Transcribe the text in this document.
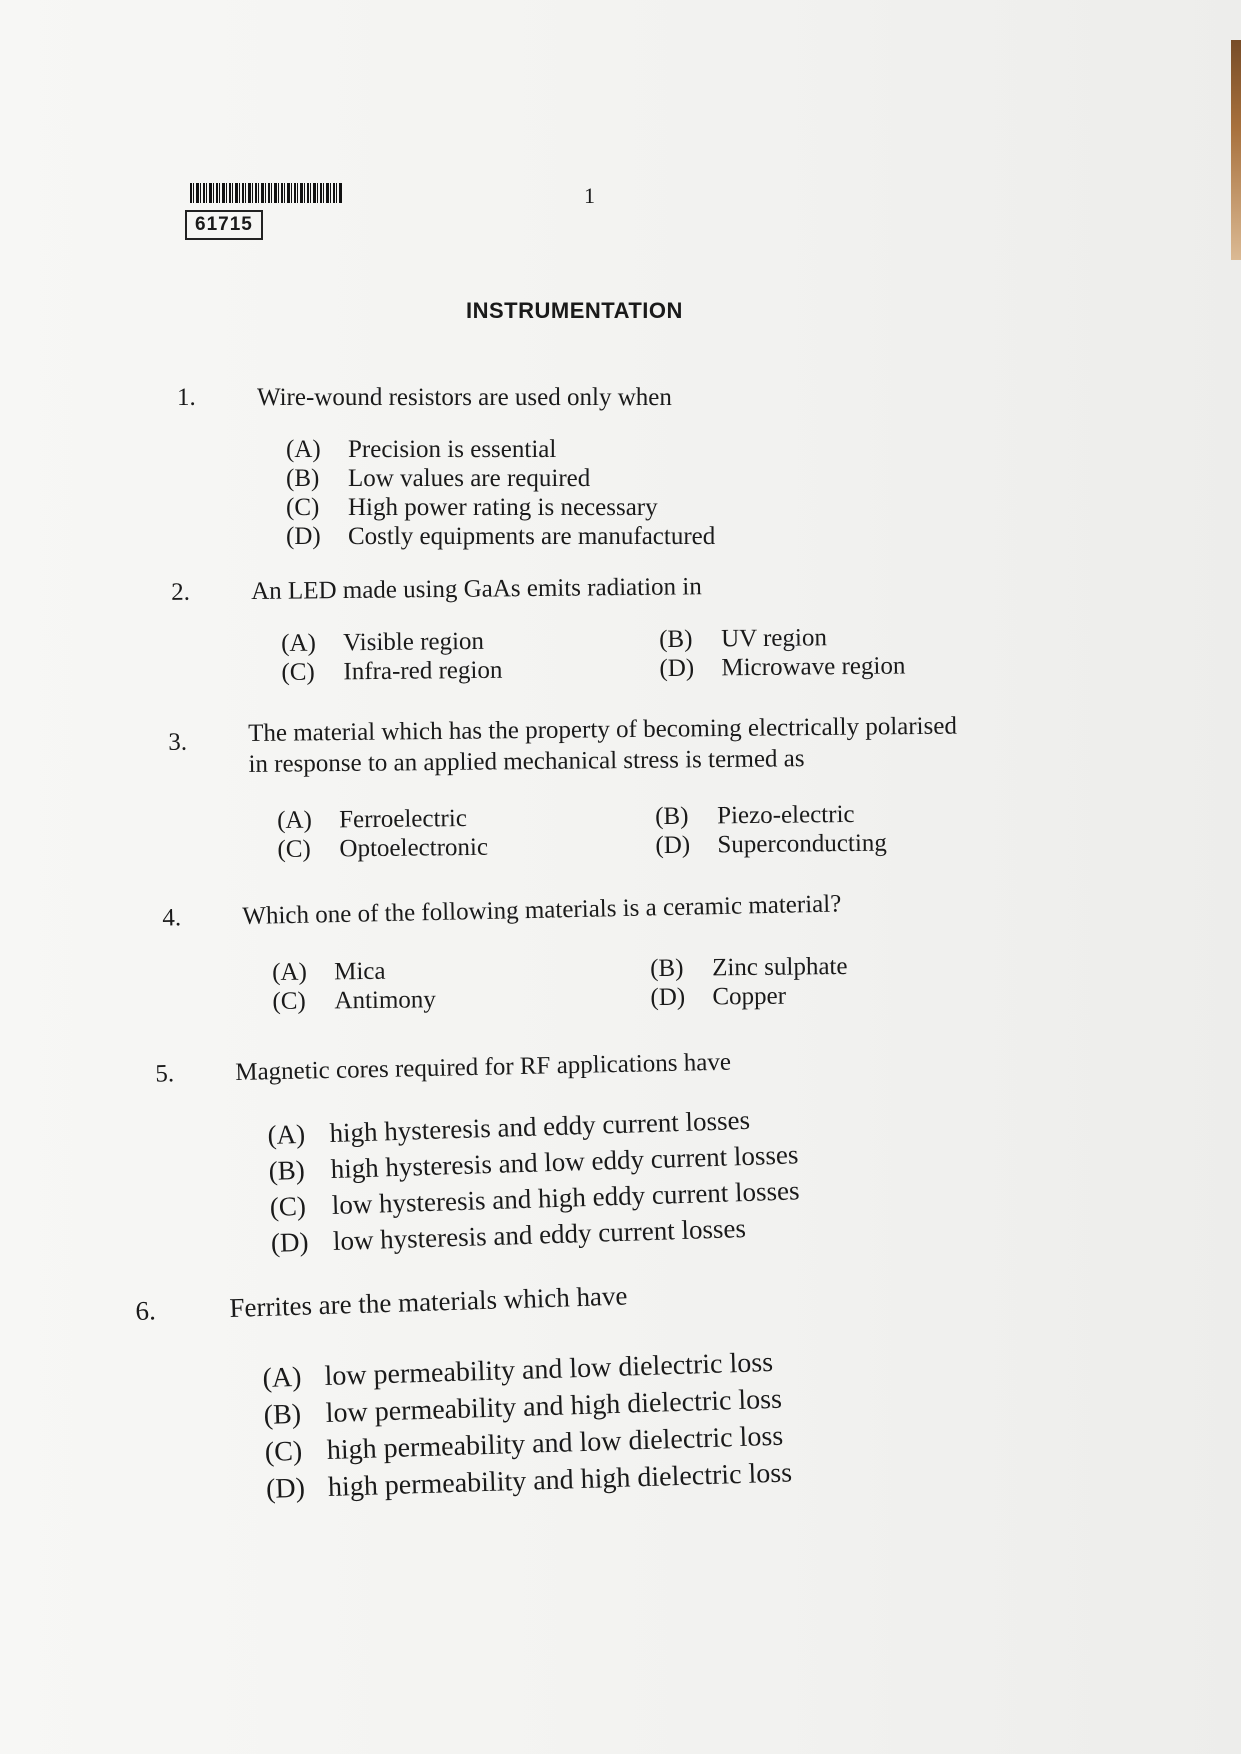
61715
1
INSTRUMENTATION
1. Wire-wound resistors are used only when
(A)	Precision is essential
(B)	Low values are required
(C)	High power rating is necessary
(D)	Costly equipments are manufactured
2. An LED made using GaAs emits radiation in
(A)	Visible region	(B)	UV region
(C)	Infra-red region	(D)	Microwave region
3. The material which has the property of becoming electrically polarised
in response to an applied mechanical stress is termed as
(A)	Ferroelectric	(B)	Piezo-electric
(C)	Optoelectronic	(D)	Superconducting
4. Which one of the following materials is a ceramic material?
(A)	Mica	(B)	Zinc sulphate
(C)	Antimony	(D)	Copper
5. Magnetic cores required for RF applications have
(A) high hysteresis and eddy current losses
(B) high hysteresis and low eddy current losses
(C) low hysteresis and high eddy current losses
(D) low hysteresis and eddy current losses
6.	Ferrites are the materials which have
(A) low permeability and low dielectric loss
(B) low permeability and high dielectric loss
(C) high permeability and low dielectric loss
(D) high permeability and high dielectric loss
